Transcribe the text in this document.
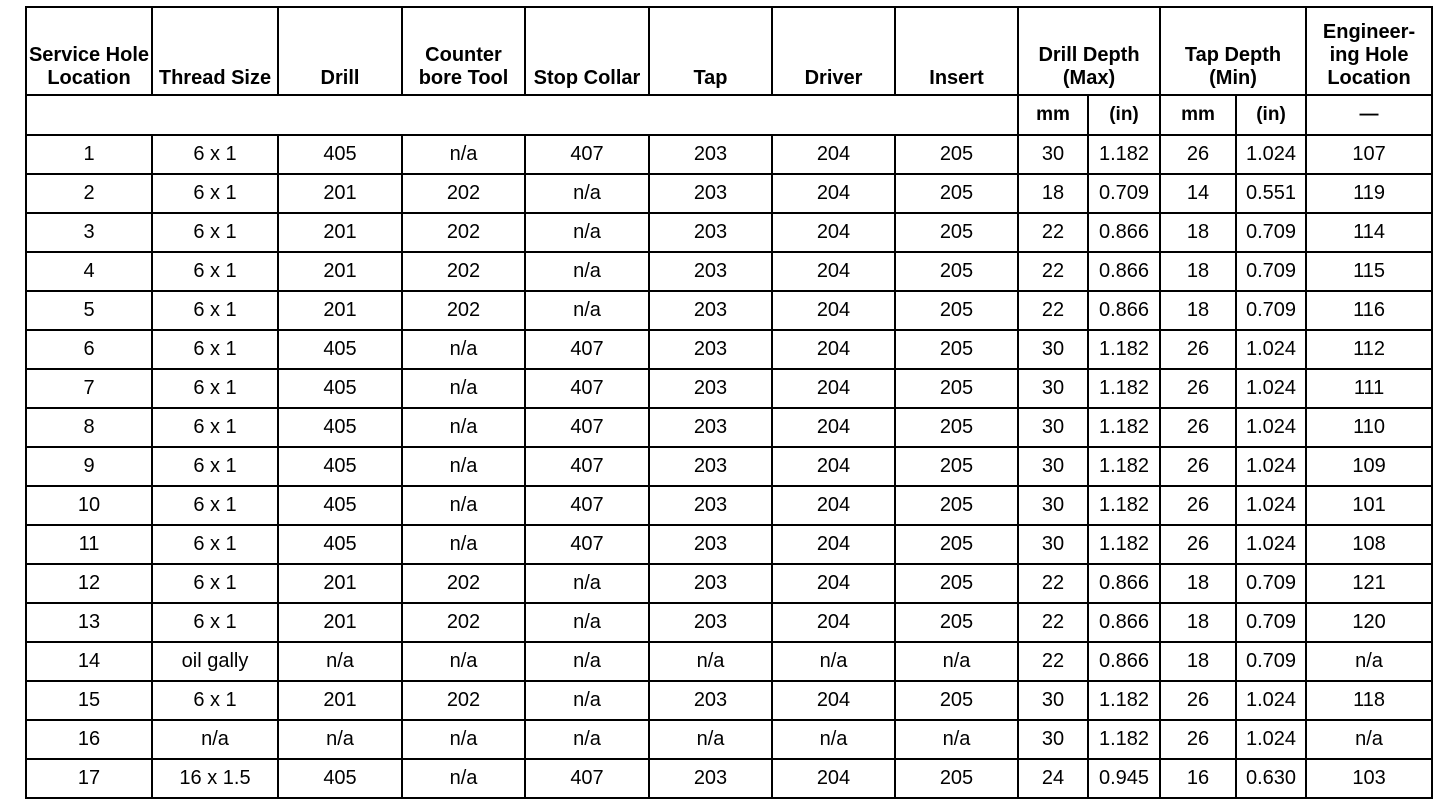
Service Hole Location	Thread Size	Drill	Counter bore Tool	Stop Collar	Tap	Driver	Insert	Drill Depth (Max)		Tap Depth (Min)		Engineer- ing Hole Location
								mm	(in)	mm	(in)	—
1	6 x 1	405	n/a	407	203	204	205	30	1.182	26	1.024	107
2	6 x 1	201	202	n/a	203	204	205	18	0.709	14	0.551	119
3	6 x 1	201	202	n/a	203	204	205	22	0.866	18	0.709	114
4	6 x 1	201	202	n/a	203	204	205	22	0.866	18	0.709	115
5	6 x 1	201	202	n/a	203	204	205	22	0.866	18	0.709	116
6	6 x 1	405	n/a	407	203	204	205	30	1.182	26	1.024	112
7	6 x 1	405	n/a	407	203	204	205	30	1.182	26	1.024	111
8	6 x 1	405	n/a	407	203	204	205	30	1.182	26	1.024	110
9	6 x 1	405	n/a	407	203	204	205	30	1.182	26	1.024	109
10	6 x 1	405	n/a	407	203	204	205	30	1.182	26	1.024	101
11	6 x 1	405	n/a	407	203	204	205	30	1.182	26	1.024	108
12	6 x 1	201	202	n/a	203	204	205	22	0.866	18	0.709	121
13	6 x 1	201	202	n/a	203	204	205	22	0.866	18	0.709	120
14	oil gally	n/a	n/a	n/a	n/a	n/a	n/a	22	0.866	18	0.709	n/a
15	6 x 1	201	202	n/a	203	204	205	30	1.182	26	1.024	118
16	n/a	n/a	n/a	n/a	n/a	n/a	n/a	30	1.182	26	1.024	n/a
17	16 x 1.5	405	n/a	407	203	204	205	24	0.945	16	0.630	103
